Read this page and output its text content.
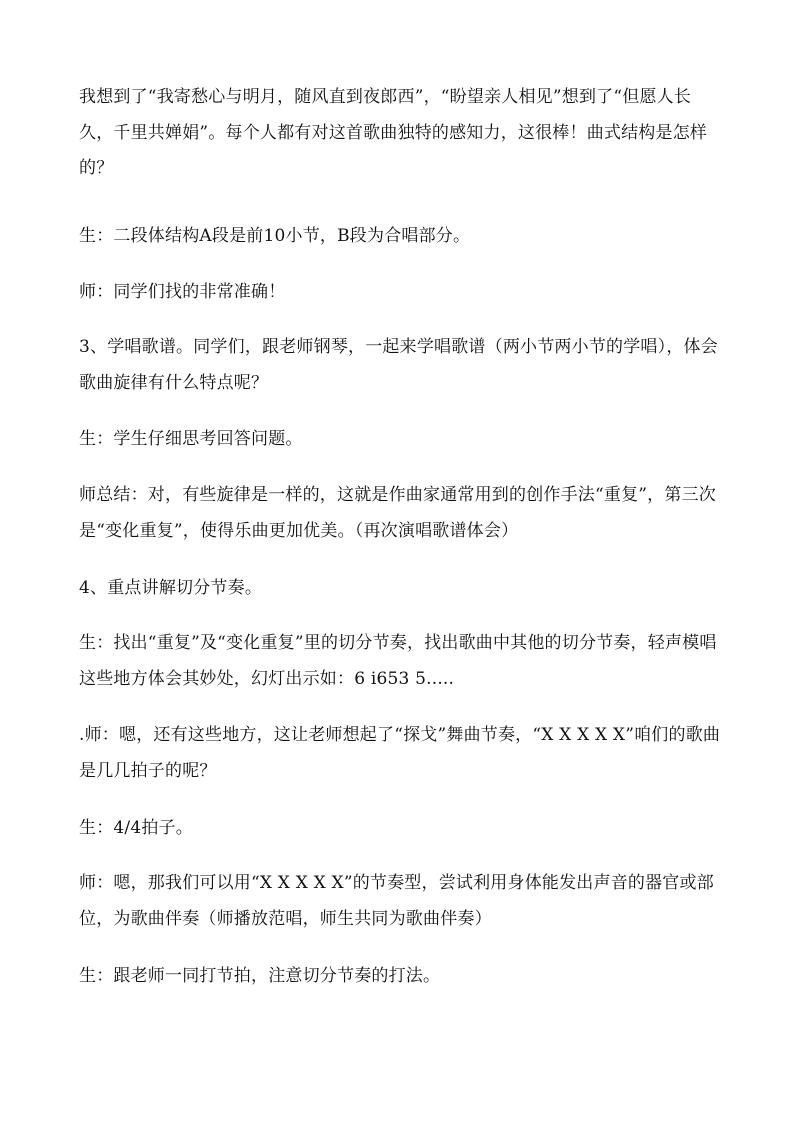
我想到了“我寄愁心与明月，随风直到夜郎西”，“盼望亲人相见”想到了“但愿人长久，千里共婵娟”。每个人都有对这首歌曲独特的感知力，这很棒！曲式结构是怎样的？

生：二段体结构A段是前10小节，B段为合唱部分。

师：同学们找的非常准确！

3、学唱歌谱。同学们，跟老师钢琴，一起来学唱歌谱（两小节两小节的学唱），体会歌曲旋律有什么特点呢？

生：学生仔细思考回答问题。

师总结：对，有些旋律是一样的，这就是作曲家通常用到的创作手法“重复”，第三次是“变化重复”，使得乐曲更加优美。（再次演唱歌谱体会）

4、重点讲解切分节奏。

生：找出“重复”及“变化重复”里的切分节奏，找出歌曲中其他的切分节奏，轻声模唱这些地方体会其妙处，幻灯出示如：6 i653 5.....

.师：嗯，还有这些地方，这让老师想起了“探戈”舞曲节奏，“X X X X X”咱们的歌曲是几几拍子的呢？

生：4/4拍子。

师：嗯，那我们可以用“X X X X X”的节奏型，尝试利用身体能发出声音的器官或部位，为歌曲伴奏（师播放范唱，师生共同为歌曲伴奏）

生：跟老师一同打节拍，注意切分节奏的打法。
